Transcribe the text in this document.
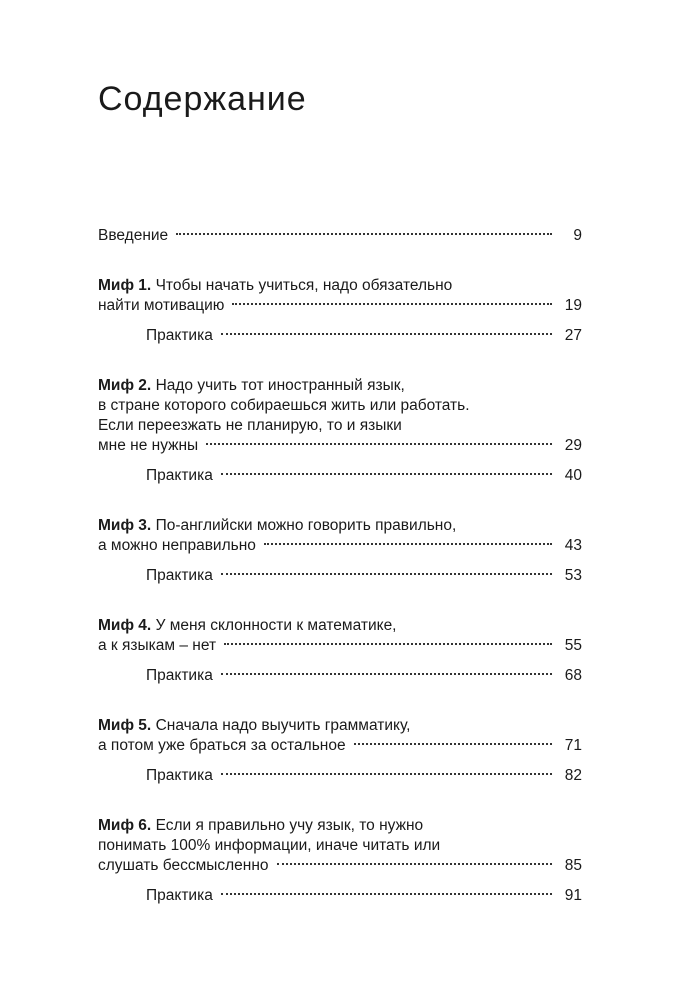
Содержание
Введение	9
Миф 1. Чтобы начать учиться, надо обязательно
найти мотивацию	19
Практика	27
Миф 2. Надо учить тот иностранный язык,
в стране которого собираешься жить или работать.
Если переезжать не планирую, то и языки
мне не нужны	29
Практика	40
Миф 3. По-английски можно говорить правильно,
а можно неправильно	43
Практика	53
Миф 4. У меня склонности к математике,
а к языкам – нет	55
Практика	68
Миф 5. Сначала надо выучить грамматику,
а потом уже браться за остальное	71
Практика	82
Миф 6. Если я правильно учу язык, то нужно
понимать 100% информации, иначе читать или
слушать бессмысленно	85
Практика	91
